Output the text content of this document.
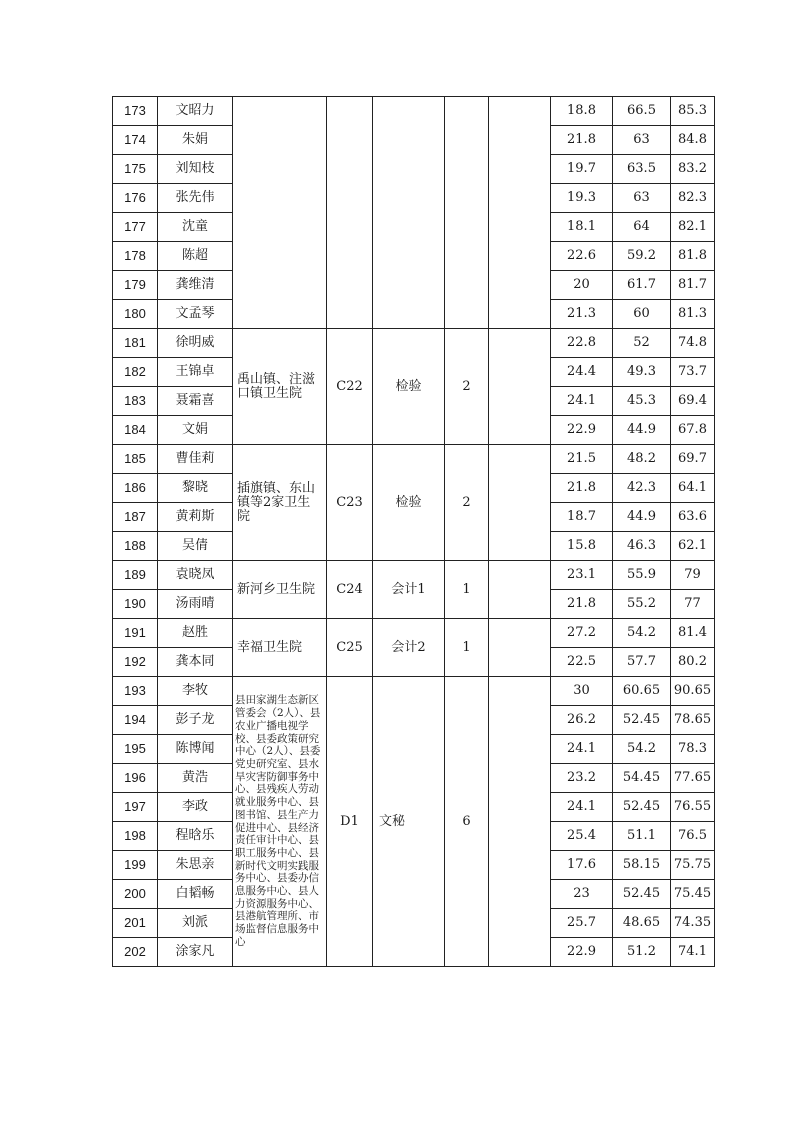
173	文昭力						18.8	66.5	85.3	
174	朱娟						21.8	63	84.8	
175	刘知枝						19.7	63.5	83.2	
176	张先伟						19.3	63	82.3	
177	沈童						18.1	64	82.1	
178	陈超						22.6	59.2	81.8	
179	龚维清						20	61.7	81.7	
180	文孟琴						21.3	60	81.3	
181	徐明威	禹山镇、注滋口镇卫生院	C22	检验	2		22.8	52	74.8	
182	王锦卓						24.4	49.3	73.7	
183	聂霜喜						24.1	45.3	69.4	
184	文娟						22.9	44.9	67.8	
185	曹佳莉	插旗镇、东山镇等2家卫生院	C23	检验	2		21.5	48.2	69.7	
186	黎晓						21.8	42.3	64.1	
187	黄莉斯						18.7	44.9	63.6	
188	吴倩						15.8	46.3	62.1	
189	袁晓凤	新河乡卫生院	C24	会计1	1		23.1	55.9	79	
190	汤雨晴						21.8	55.2	77	
191	赵胜	幸福卫生院	C25	会计2	1		27.2	54.2	81.4	
192	龚本同						22.5	57.7	80.2	
193	李牧	县田家湖生态新区管委会（2人）、县农业广播电视学校、县委政策研究中心（2人）、县委党史研究室、县水旱灾害防御事务中心、县残疾人劳动就业服务中心、县图书馆、县生产力促进中心、县经济责任审计中心、县职工服务中心、县新时代文明实践服务中心、县委办信息服务中心、县人力资源服务中心、县港航管理所、市场监督信息服务中心	D1	文秘	6		30	60.65	90.65	
194	彭子龙						26.2	52.45	78.65	
195	陈博闻						24.1	54.2	78.3	
196	黄浩						23.2	54.45	77.65	
197	李政						24.1	52.45	76.55	
198	程晗乐						25.4	51.1	76.5	
199	朱思亲						17.6	58.15	75.75	
200	白韬畅						23	52.45	75.45	
201	刘派						25.7	48.65	74.35	
202	涂家凡						22.9	51.2	74.1	
